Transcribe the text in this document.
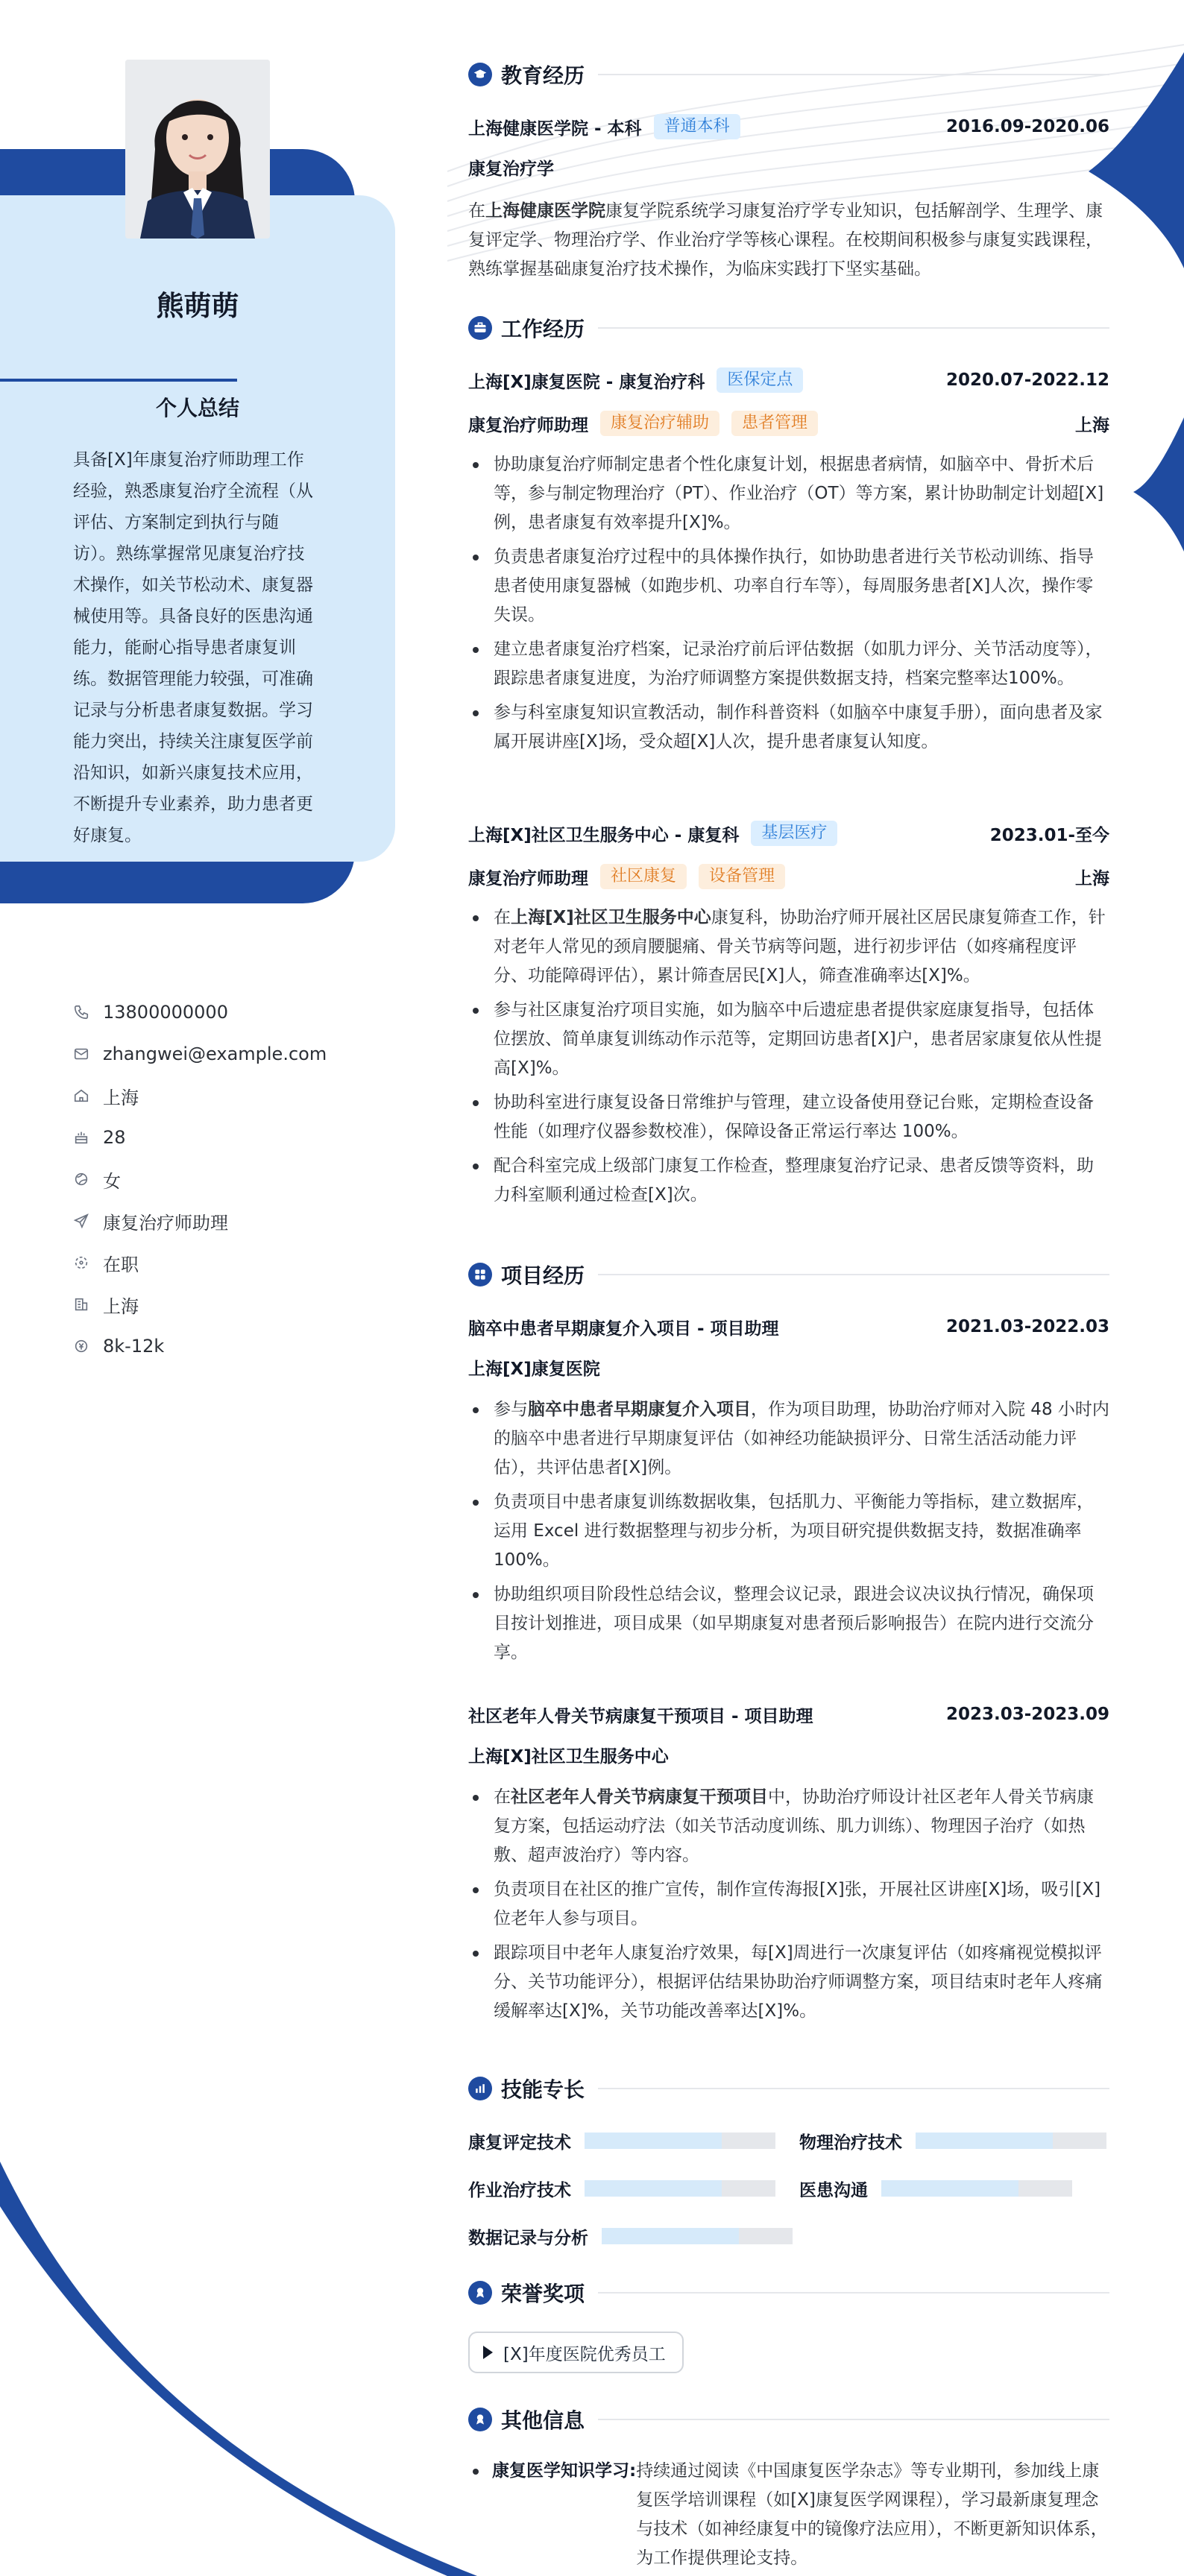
熊萌萌
个人总结
具备[X]年康复治疗师助理工作经验，熟悉康复治疗全流程（从评估、方案制定到执行与随访）。熟练掌握常见康复治疗技术操作，如关节松动术、康复器械使用等。具备良好的医患沟通能力，能耐心指导患者康复训练。数据管理能力较强，可准确记录与分析患者康复数据。学习能力突出，持续关注康复医学前沿知识，如新兴康复技术应用，不断提升专业素养，助力患者更好康复。
13800000000
zhangwei@example.com
上海
28
女
康复治疗师助理
在职
上海
8k-12k
教育经历
上海健康医学院 - 本科	普通本科	2016.09-2020.06
康复治疗学
在上海健康医学院康复学院系统学习康复治疗学专业知识，包括解剖学、生理学、康复评定学、物理治疗学、作业治疗学等核心课程。在校期间积极参与康复实践课程，熟练掌握基础康复治疗技术操作，为临床实践打下坚实基础。
工作经历
上海[X]康复医院 - 康复治疗科	医保定点	2020.07-2022.12
康复治疗师助理	康复治疗辅助	患者管理	上海
协助康复治疗师制定患者个性化康复计划，根据患者病情，如脑卒中、骨折术后等，参与制定物理治疗（PT）、作业治疗（OT）等方案，累计协助制定计划超[X]例，患者康复有效率提升[X]%。
负责患者康复治疗过程中的具体操作执行，如协助患者进行关节松动训练、指导患者使用康复器械（如跑步机、功率自行车等），每周服务患者[X]人次，操作零失误。
建立患者康复治疗档案，记录治疗前后评估数据（如肌力评分、关节活动度等），跟踪患者康复进度，为治疗师调整方案提供数据支持，档案完整率达100%。
参与科室康复知识宣教活动，制作科普资料（如脑卒中康复手册），面向患者及家属开展讲座[X]场，受众超[X]人次，提升患者康复认知度。
上海[X]社区卫生服务中心 - 康复科	基层医疗	2023.01-至今
康复治疗师助理	社区康复	设备管理	上海
在上海[X]社区卫生服务中心康复科，协助治疗师开展社区居民康复筛查工作，针对老年人常见的颈肩腰腿痛、骨关节病等问题，进行初步评估（如疼痛程度评分、功能障碍评估），累计筛查居民[X]人，筛查准确率达[X]%。
参与社区康复治疗项目实施，如为脑卒中后遗症患者提供家庭康复指导，包括体位摆放、简单康复训练动作示范等，定期回访患者[X]户，患者居家康复依从性提高[X]%。
协助科室进行康复设备日常维护与管理，建立设备使用登记台账，定期检查设备性能（如理疗仪器参数校准），保障设备正常运行率达 100%。
配合科室完成上级部门康复工作检查，整理康复治疗记录、患者反馈等资料，助力科室顺利通过检查[X]次。
项目经历
脑卒中患者早期康复介入项目 - 项目助理	2021.03-2022.03
上海[X]康复医院
参与脑卒中患者早期康复介入项目，作为项目助理，协助治疗师对入院 48 小时内的脑卒中患者进行早期康复评估（如神经功能缺损评分、日常生活活动能力评估），共评估患者[X]例。
负责项目中患者康复训练数据收集，包括肌力、平衡能力等指标，建立数据库，运用 Excel 进行数据整理与初步分析，为项目研究提供数据支持，数据准确率 100%。
协助组织项目阶段性总结会议，整理会议记录，跟进会议决议执行情况，确保项目按计划推进，项目成果（如早期康复对患者预后影响报告）在院内进行交流分享。
社区老年人骨关节病康复干预项目 - 项目助理	2023.03-2023.09
上海[X]社区卫生服务中心
在社区老年人骨关节病康复干预项目中，协助治疗师设计社区老年人骨关节病康复方案，包括运动疗法（如关节活动度训练、肌力训练）、物理因子治疗（如热敷、超声波治疗）等内容。
负责项目在社区的推广宣传，制作宣传海报[X]张，开展社区讲座[X]场，吸引[X]位老年人参与项目。
跟踪项目中老年人康复治疗效果，每[X]周进行一次康复评估（如疼痛视觉模拟评分、关节功能评分），根据评估结果协助治疗师调整方案，项目结束时老年人疼痛缓解率达[X]%，关节功能改善率达[X]%。
技能专长
康复评定技术	物理治疗技术
作业治疗技术	医患沟通
数据记录与分析
荣誉奖项
[X]年度医院优秀员工
其他信息
康复医学知识学习: 持续通过阅读《中国康复医学杂志》等专业期刊，参加线上康复医学培训课程（如[X]康复医学网课程），学习最新康复理念与技术（如神经康复中的镜像疗法应用），不断更新知识体系，为工作提供理论支持。
